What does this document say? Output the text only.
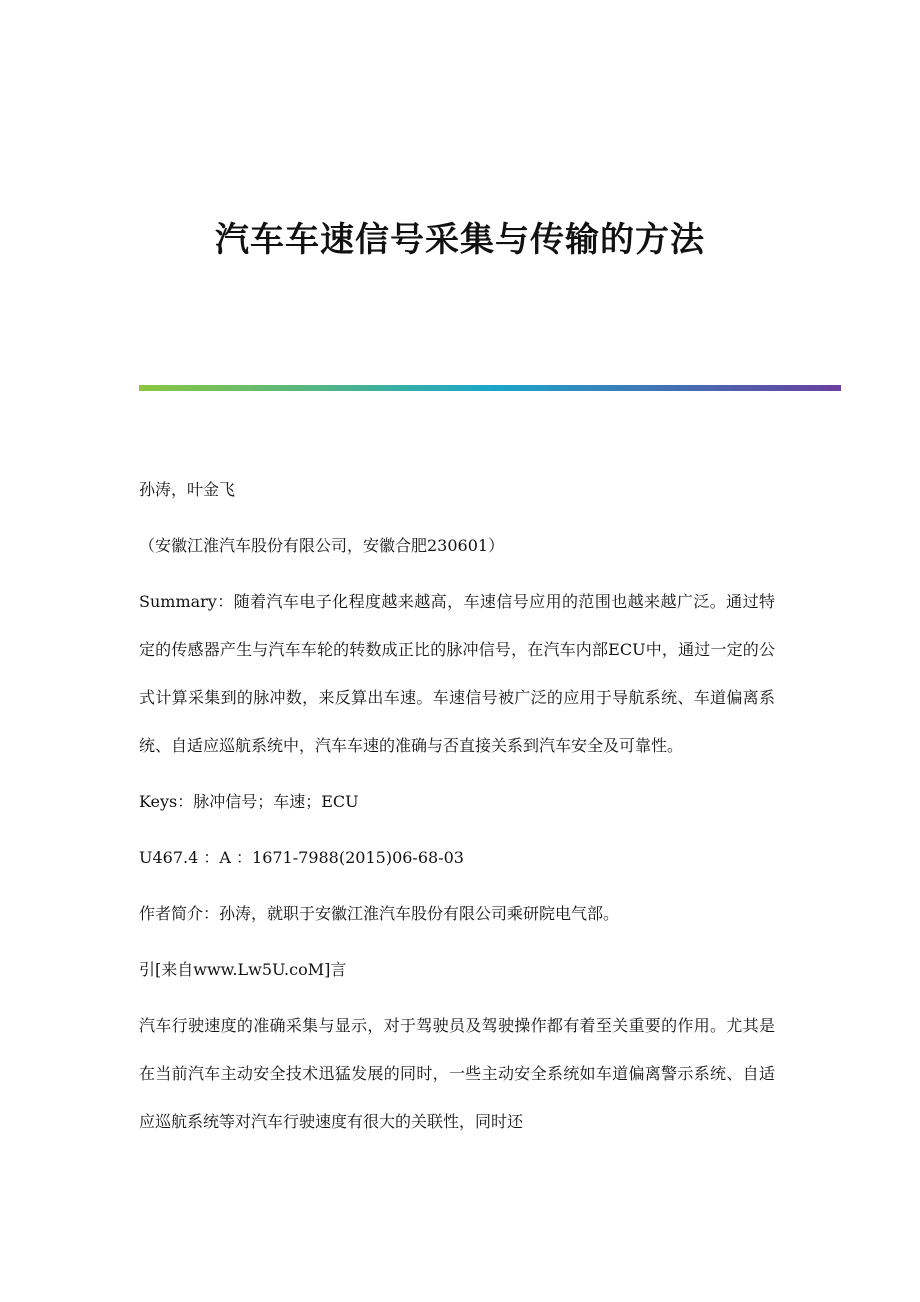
汽车车速信号采集与传输的方法

孙涛，叶金飞

（安徽江淮汽车股份有限公司，安徽合肥230601）

Summary：随着汽车电子化程度越来越高，车速信号应用的范围也越来越广泛。通过特定的传感器产生与汽车车轮的转数成正比的脉冲信号，在汽车内部ECU中，通过一定的公式计算采集到的脉冲数，来反算出车速。车速信号被广泛的应用于导航系统、车道偏离系统、自适应巡航系统中，汽车车速的准确与否直接关系到汽车安全及可靠性。

Keys：脉冲信号；车速；ECU

U467.4 ：A ：1671-7988(2015)06-68-03

作者简介：孙涛，就职于安徽江淮汽车股份有限公司乘研院电气部。

引[来自www.Lw5U.coM]言

汽车行驶速度的准确采集与显示，对于驾驶员及驾驶操作都有着至关重要的作用。尤其是在当前汽车主动安全技术迅猛发展的同时，一些主动安全系统如车道偏离警示系统、自适应巡航系统等对汽车行驶速度有很大的关联性，同时还
